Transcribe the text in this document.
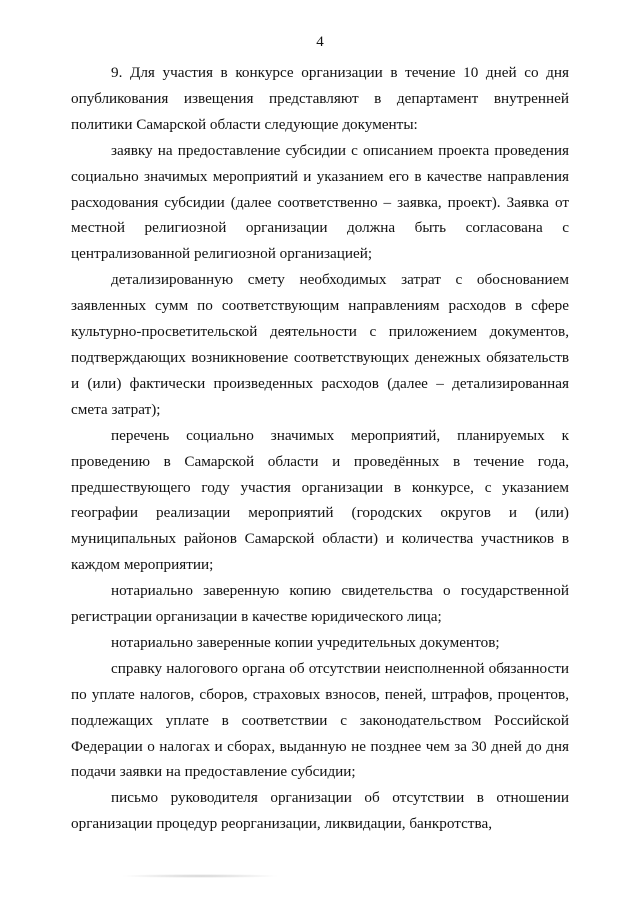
4

9. Для участия в конкурсе организации в течение 10 дней со дня опубликования извещения представляют в департамент внутренней политики Самарской области следующие документы:

заявку на предоставление субсидии с описанием проекта проведения социально значимых мероприятий и указанием его в качестве направления расходования субсидии (далее соответственно – заявка, проект). Заявка от местной религиозной организации должна быть согласована с централизованной религиозной организацией;

детализированную смету необходимых затрат с обоснованием заявленных сумм по соответствующим направлениям расходов в сфере культурно-просветительской деятельности с приложением документов, подтверждающих возникновение соответствующих денежных обязательств и (или) фактически произведенных расходов (далее – детализированная смета затрат);

перечень социально значимых мероприятий, планируемых к проведению в Самарской области и проведённых в течение года, предшествующего году участия организации в конкурсе, с указанием географии реализации мероприятий (городских округов и (или) муниципальных районов Самарской области) и количества участников в каждом мероприятии;

нотариально заверенную копию свидетельства о государственной регистрации организации в качестве юридического лица;

нотариально заверенные копии учредительных документов;

справку налогового органа об отсутствии неисполненной обязанности по уплате налогов, сборов, страховых взносов, пеней, штрафов, процентов, подлежащих уплате в соответствии с законодательством Российской Федерации о налогах и сборах, выданную не позднее чем за 30 дней до дня подачи заявки на предоставление субсидии;

письмо руководителя организации об отсутствии в отношении организации процедур реорганизации, ликвидации, банкротства,
